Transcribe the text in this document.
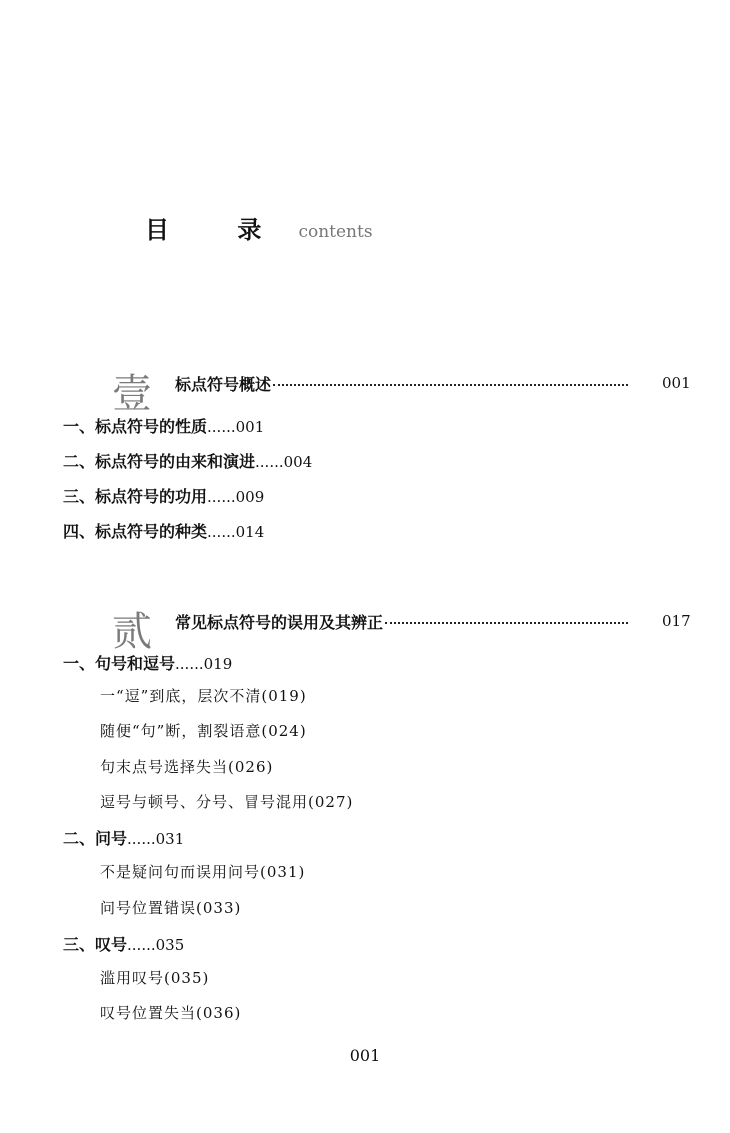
目 录 contents
壹 标点符号概述	001
一、标点符号的性质......001
二、标点符号的由来和演进......004
三、标点符号的功用......009
四、标点符号的种类......014
贰 常见标点符号的误用及其辨正	017
一、句号和逗号......019
一“逗”到底，层次不清(019)
随便“句”断，割裂语意(024)
句末点号选择失当(026)
逗号与顿号、分号、冒号混用(027)
二、问号......031
不是疑问句而误用问号(031)
问号位置错误(033)
三、叹号......035
滥用叹号(035)
叹号位置失当(036)
001
